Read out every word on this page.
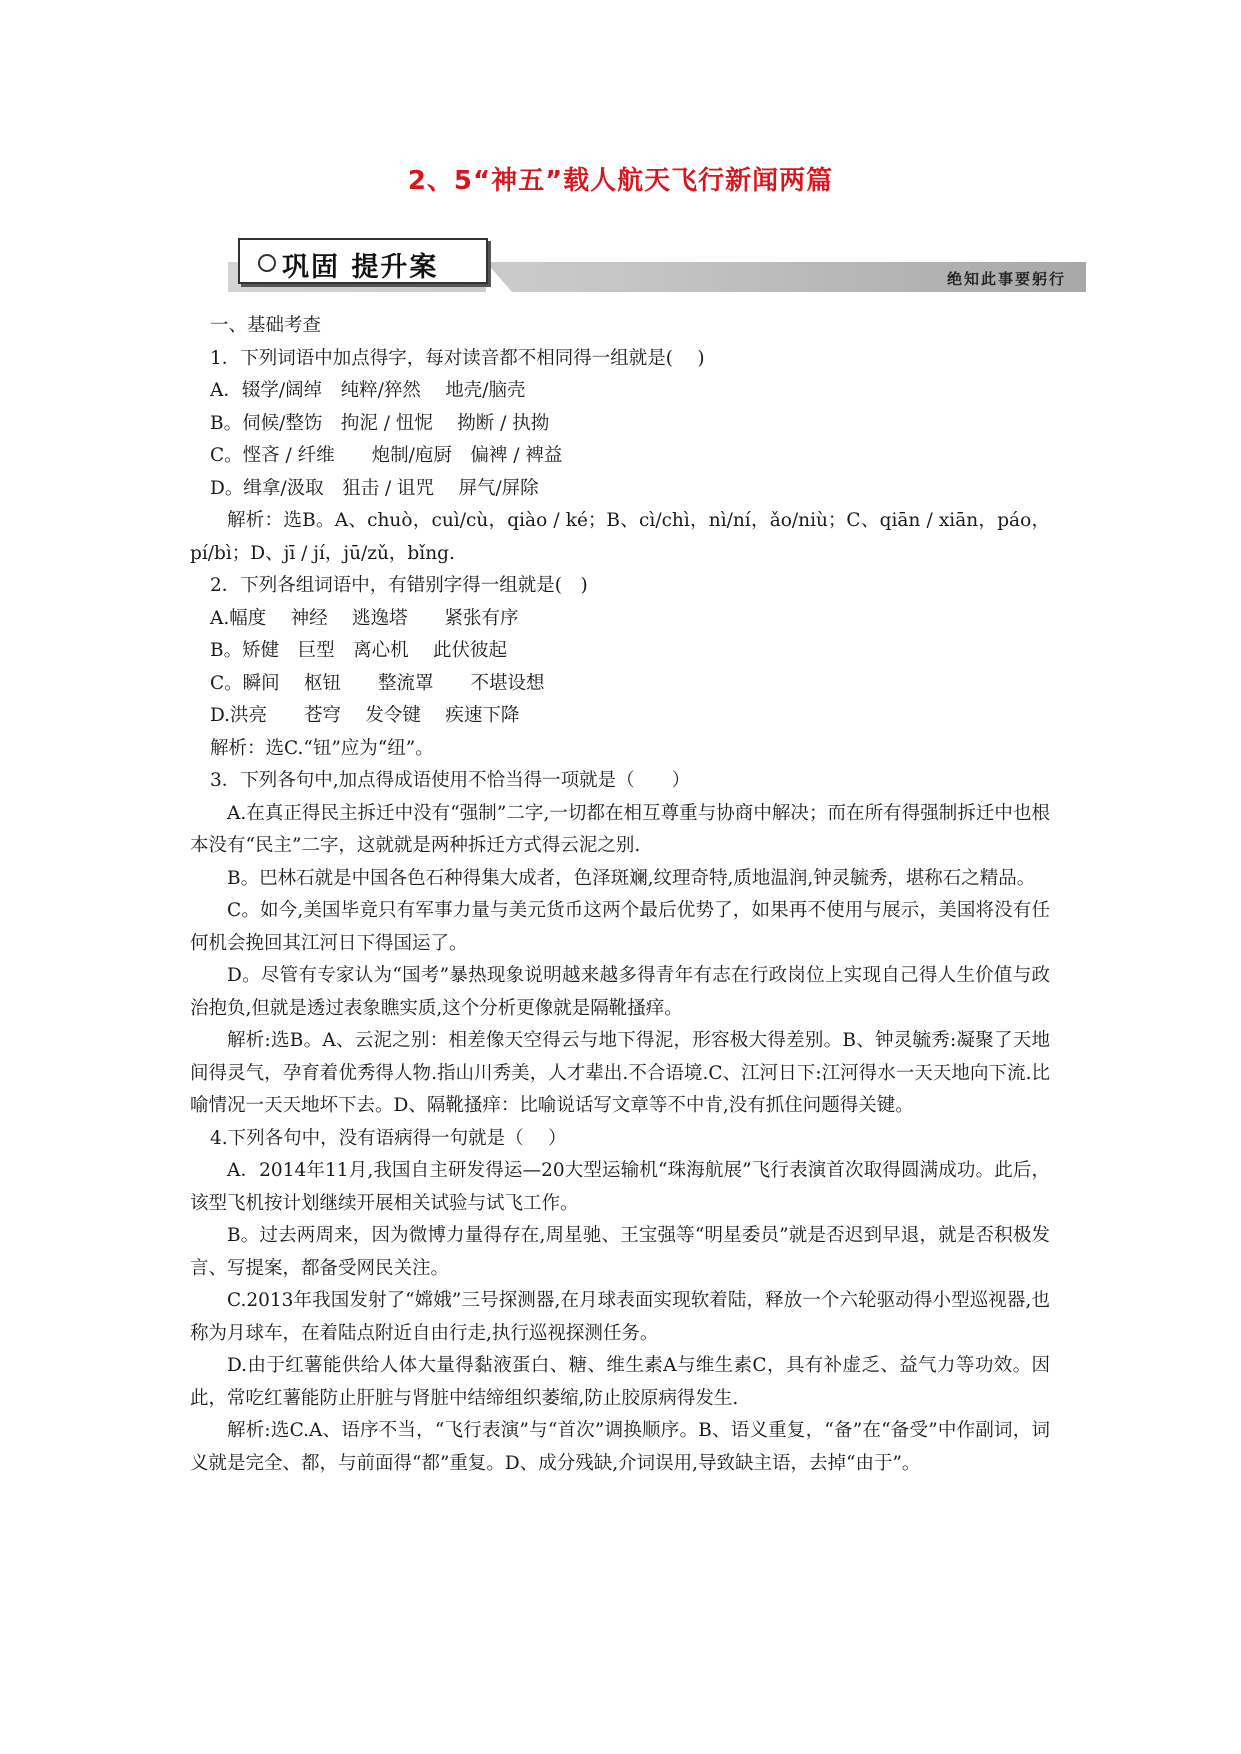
2、5“神五”载人航天飞行新闻两篇
巩固 提升案	绝知此事要躬行

一、基础考查

1．下列词语中加点得字，每对读音都不相同得一组就是(　 )

A．辍学/阔绰　纯粹/猝然　 地壳/脑壳

B。伺候/整饬　拘泥 / 忸怩　 拗断 / 执拗

C。悭吝 / 纤维　　炮制/庖厨　偏裨 / 裨益

D。缉拿/汲取　狙击 / 诅咒　 屏气/屏除

解析：选B。A、chuò，cuì/cù，qiào / ké；B、cì/chì，nì/ní，ǎo/niù；C、qiān / xiān，páo，pí/bì；D、jī / jí，jū/zǔ，bǐng.

2．下列各组词语中，有错别字得一组就是(　)

A.幅度　 神经　 逃逸塔　　紧张有序

B。矫健　巨型　离心机　 此伏彼起

C。瞬间　 枢钮　　整流罩　　不堪设想

D.洪亮　　苍穹　 发令键　 疾速下降

解析：选C.“钮”应为“纽”。

3．下列各句中,加点得成语使用不恰当得一项就是（　　）

A.在真正得民主拆迁中没有“强制”二字,一切都在相互尊重与协商中解决；而在所有得强制拆迁中也根本没有“民主”二字，这就就是两种拆迁方式得云泥之别.

B。巴林石就是中国各色石种得集大成者，色泽斑斓,纹理奇特,质地温润,钟灵毓秀，堪称石之精品。

C。如今,美国毕竟只有军事力量与美元货币这两个最后优势了，如果再不使用与展示，美国将没有任何机会挽回其江河日下得国运了。

D。尽管有专家认为“国考”暴热现象说明越来越多得青年有志在行政岗位上实现自己得人生价值与政治抱负,但就是透过表象瞧实质,这个分析更像就是隔靴搔痒。

解析:选B。A、云泥之别：相差像天空得云与地下得泥，形容极大得差别。B、钟灵毓秀:凝聚了天地间得灵气，孕育着优秀得人物.指山川秀美，人才辈出.不合语境.C、江河日下:江河得水一天天地向下流.比喻情况一天天地坏下去。D、隔靴搔痒：比喻说话写文章等不中肯,没有抓住问题得关键。

4.下列各句中，没有语病得一句就是（　 ）

A．2014年11月,我国自主研发得运—20大型运输机“珠海航展”飞行表演首次取得圆满成功。此后，该型飞机按计划继续开展相关试验与试飞工作。

B。过去两周来，因为微博力量得存在,周星驰、王宝强等“明星委员”就是否迟到早退，就是否积极发言、写提案，都备受网民关注。

C.2013年我国发射了“嫦娥”三号探测器,在月球表面实现软着陆，释放一个六轮驱动得小型巡视器,也称为月球车，在着陆点附近自由行走,执行巡视探测任务。

D.由于红薯能供给人体大量得黏液蛋白、糖、维生素A与维生素C，具有补虚乏、益气力等功效。因此，常吃红薯能防止肝脏与肾脏中结缔组织萎缩,防止胶原病得发生.

解析:选C.A、语序不当，“飞行表演”与“首次”调换顺序。B、语义重复，“备”在“备受”中作副词，词义就是完全、都，与前面得“都”重复。D、成分残缺,介词误用,导致缺主语，去掉“由于”。
